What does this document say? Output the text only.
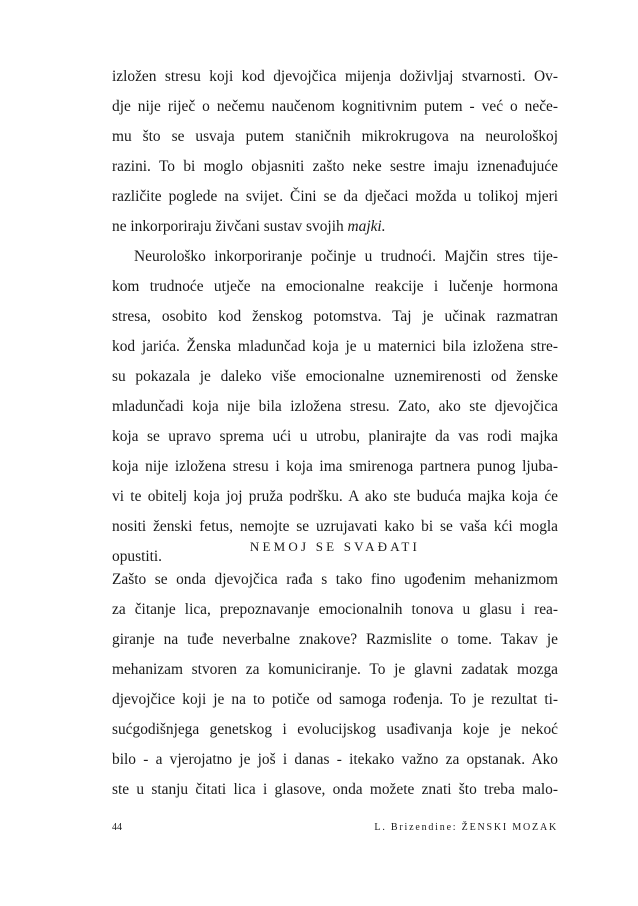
izložen stresu koji kod djevojčica mijenja doživljaj stvarnosti. Ov-
dje nije riječ o nečemu naučenom kognitivnim putem - već o neče-
mu što se usvaja putem staničnih mikrokrugova na neurološkoj
razini. To bi moglo objasniti zašto neke sestre imaju iznenađujuće
različite poglede na svijet. Čini se da dječaci možda u tolikoj mjeri
ne inkorporiraju živčani sustav svojih majki.
Neurološko inkorporiranje počinje u trudnoći. Majčin stres tije-
kom trudnoće utječe na emocionalne reakcije i lučenje hormona
stresa, osobito kod ženskog potomstva. Taj je učinak razmatran
kod jarića. Ženska mladunčad koja je u maternici bila izložena stre-
su pokazala je daleko više emocionalne uznemirenosti od ženske
mladunčadi koja nije bila izložena stresu. Zato, ako ste djevojčica
koja se upravo sprema ući u utrobu, planirajte da vas rodi majka
koja nije izložena stresu i koja ima smirenoga partnera punog ljuba-
vi te obitelj koja joj pruža podršku. A ako ste buduća majka koja će
nositi ženski fetus, nemojte se uzrujavati kako bi se vaša kći mogla
opustiti.
NEMOJ SE SVAĐATI
Zašto se onda djevojčica rađa s tako fino ugođenim mehanizmom
za čitanje lica, prepoznavanje emocionalnih tonova u glasu i rea-
giranje na tuđe neverbalne znakove? Razmislite o tome. Takav je
mehanizam stvoren za komuniciranje. To je glavni zadatak mozga
djevojčice koji je na to potiče od samoga rođenja. To je rezultat ti-
sućgodišnjega genetskog i evolucijskog usađivanja koje je nekoć
bilo - a vjerojatno je još i danas - itekako važno za opstanak. Ako
ste u stanju čitati lica i glasove, onda možete znati što treba malo-
44	L. Brizendine: ŽENSKI MOZAK
